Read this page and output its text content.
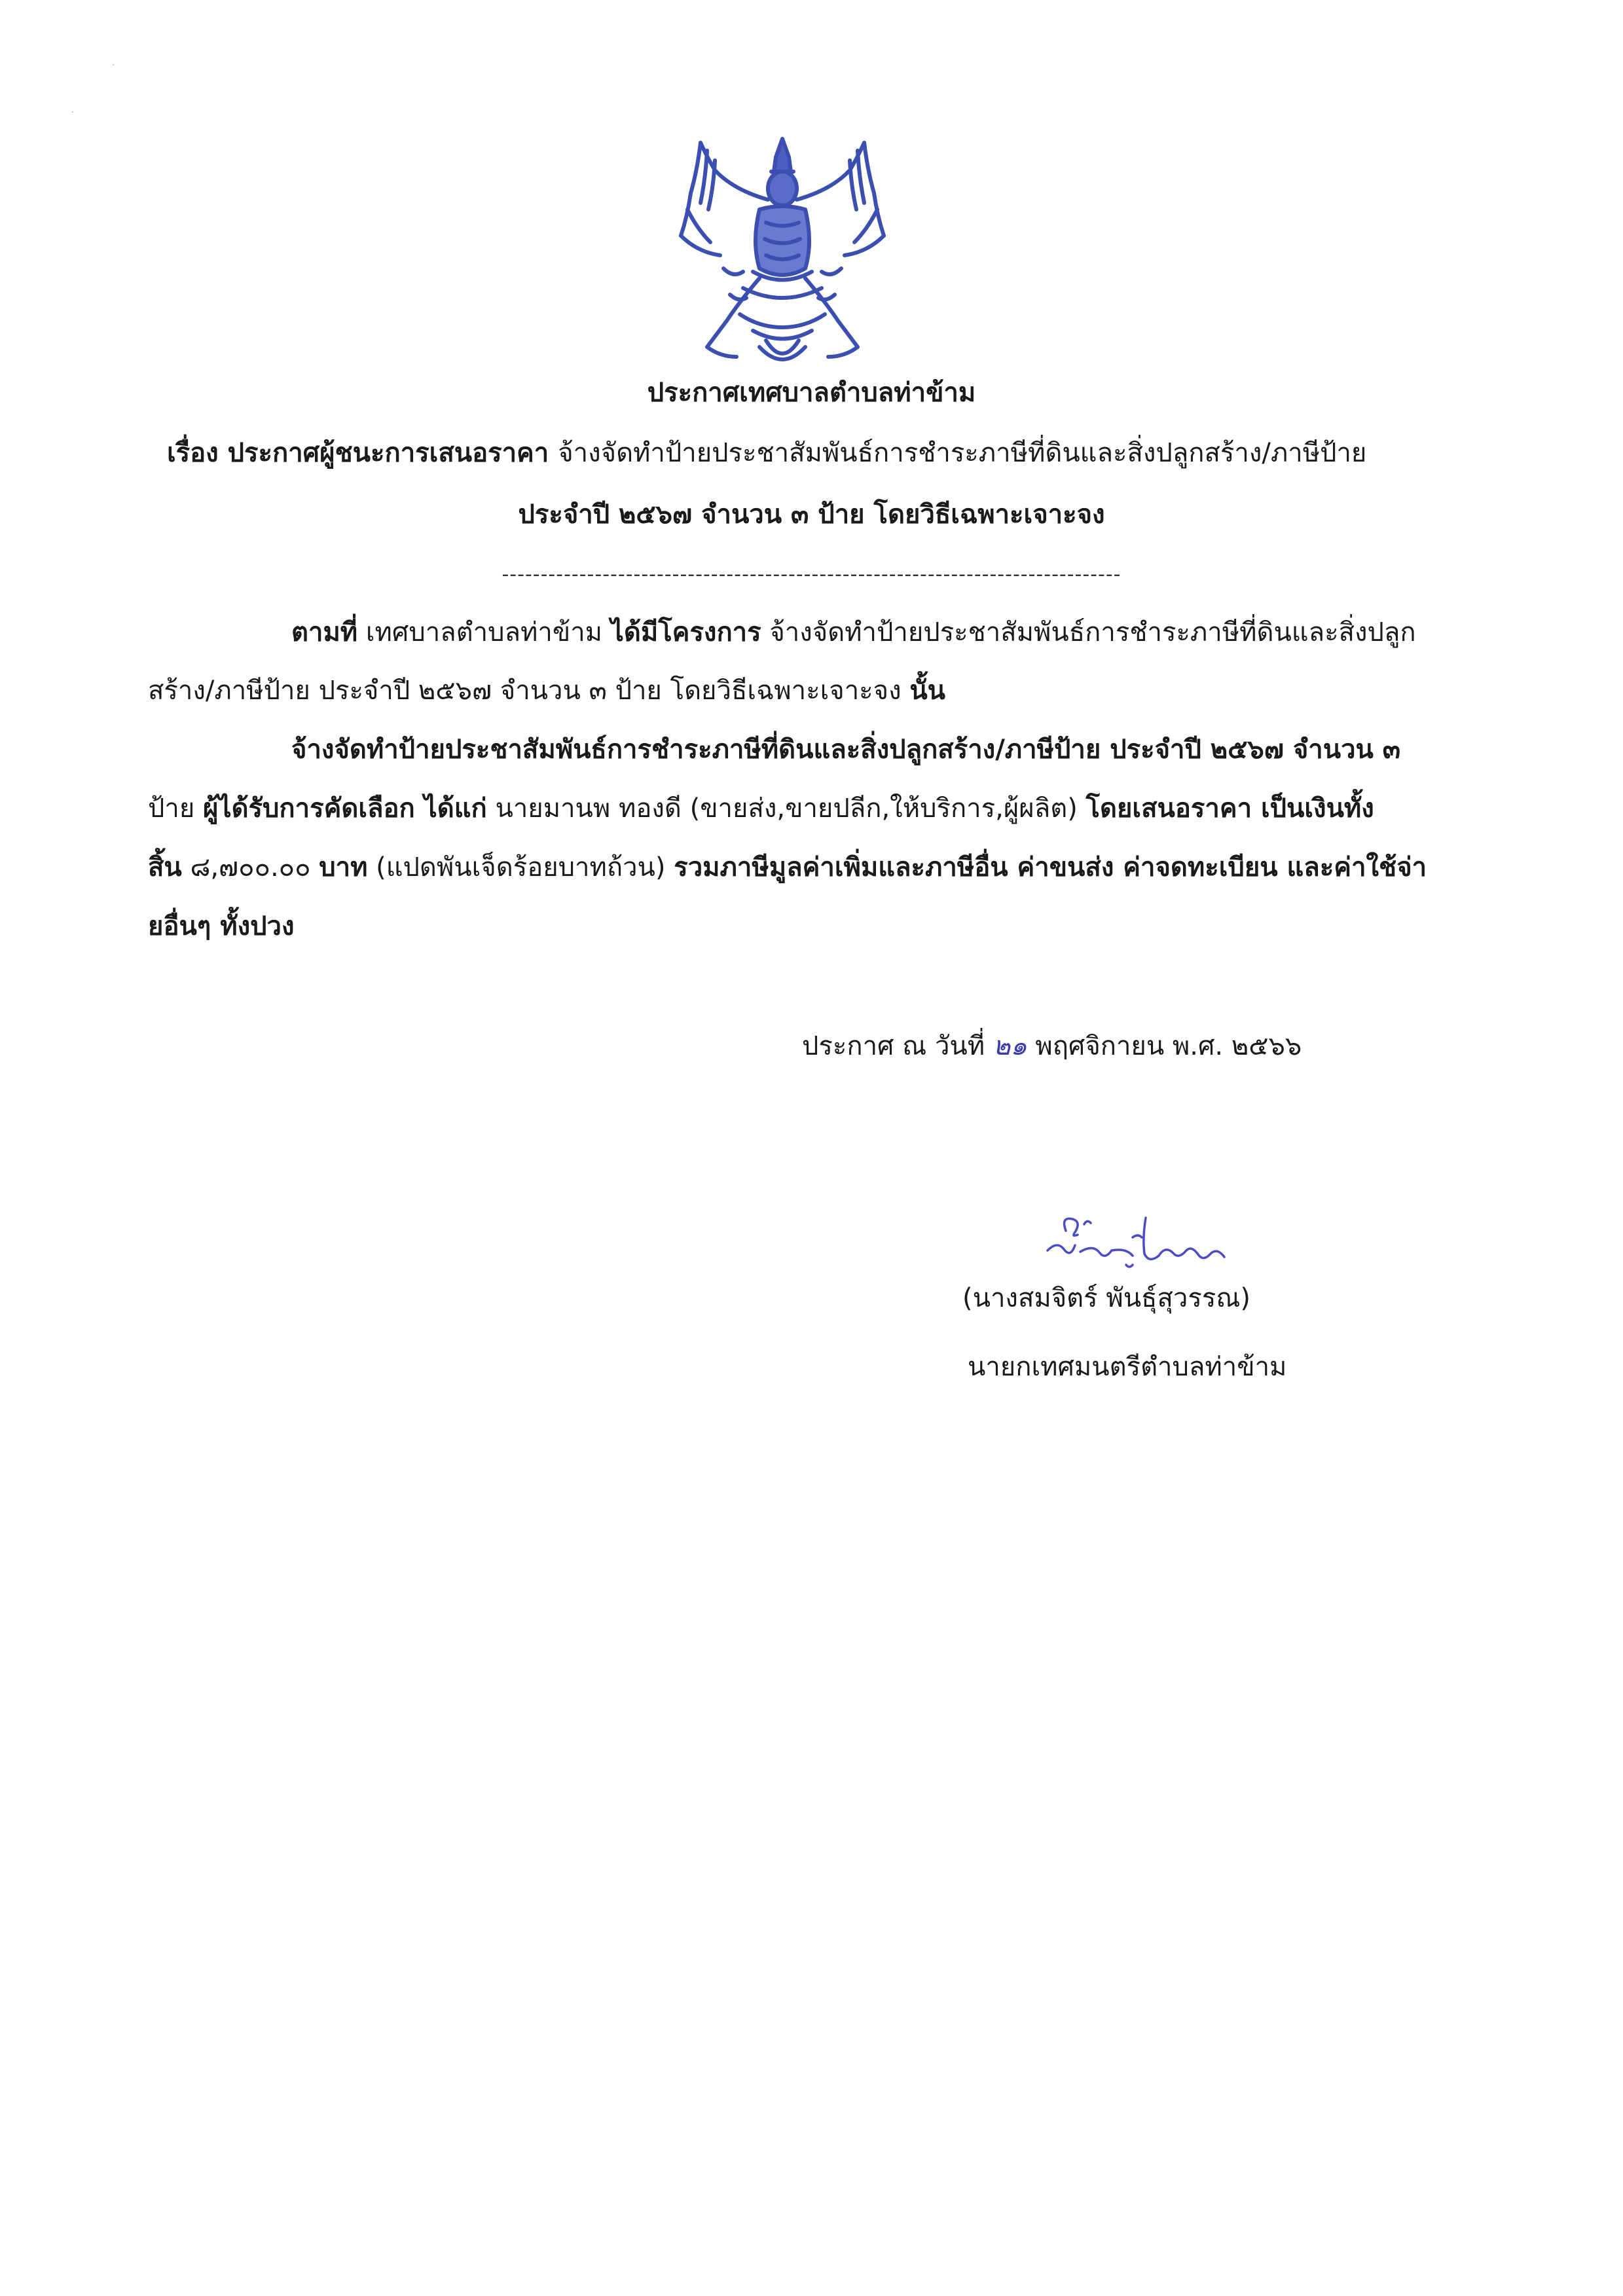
ประกาศเทศบาลตำบลท่าข้าม
เรื่อง ประกาศผู้ชนะการเสนอราคา จ้างจัดทำป้ายประชาสัมพันธ์การชำระภาษีที่ดินและสิ่งปลูกสร้าง/ภาษีป้าย
ประจำปี ๒๕๖๗ จำนวน ๓ ป้าย โดยวิธีเฉพาะเจาะจง
--------------------------------------------------------------------------------
ตามที่ เทศบาลตำบลท่าข้าม ได้มีโครงการ จ้างจัดทำป้ายประชาสัมพันธ์การชำระภาษีที่ดินและสิ่งปลูก
สร้าง/ภาษีป้าย ประจำปี ๒๕๖๗ จำนวน ๓ ป้าย โดยวิธีเฉพาะเจาะจง นั้น
จ้างจัดทำป้ายประชาสัมพันธ์การชำระภาษีที่ดินและสิ่งปลูกสร้าง/ภาษีป้าย ประจำปี ๒๕๖๗ จำนวน ๓
ป้าย ผู้ได้รับการคัดเลือก ได้แก่ นายมานพ ทองดี (ขายส่ง,ขายปลีก,ให้บริการ,ผู้ผลิต) โดยเสนอราคา เป็นเงินทั้ง
สิ้น ๘,๗๐๐.๐๐ บาท (แปดพันเจ็ดร้อยบาทถ้วน) รวมภาษีมูลค่าเพิ่มและภาษีอื่น ค่าขนส่ง ค่าจดทะเบียน และค่าใช้จ่า
ยอื่นๆ ทั้งปวง
ประกาศ ณ วันที่ ๒๑ พฤศจิกายน พ.ศ. ๒๕๖๖
(นางสมจิตร์ พันธุ์สุวรรณ)
นายกเทศมนตรีตำบลท่าข้าม
